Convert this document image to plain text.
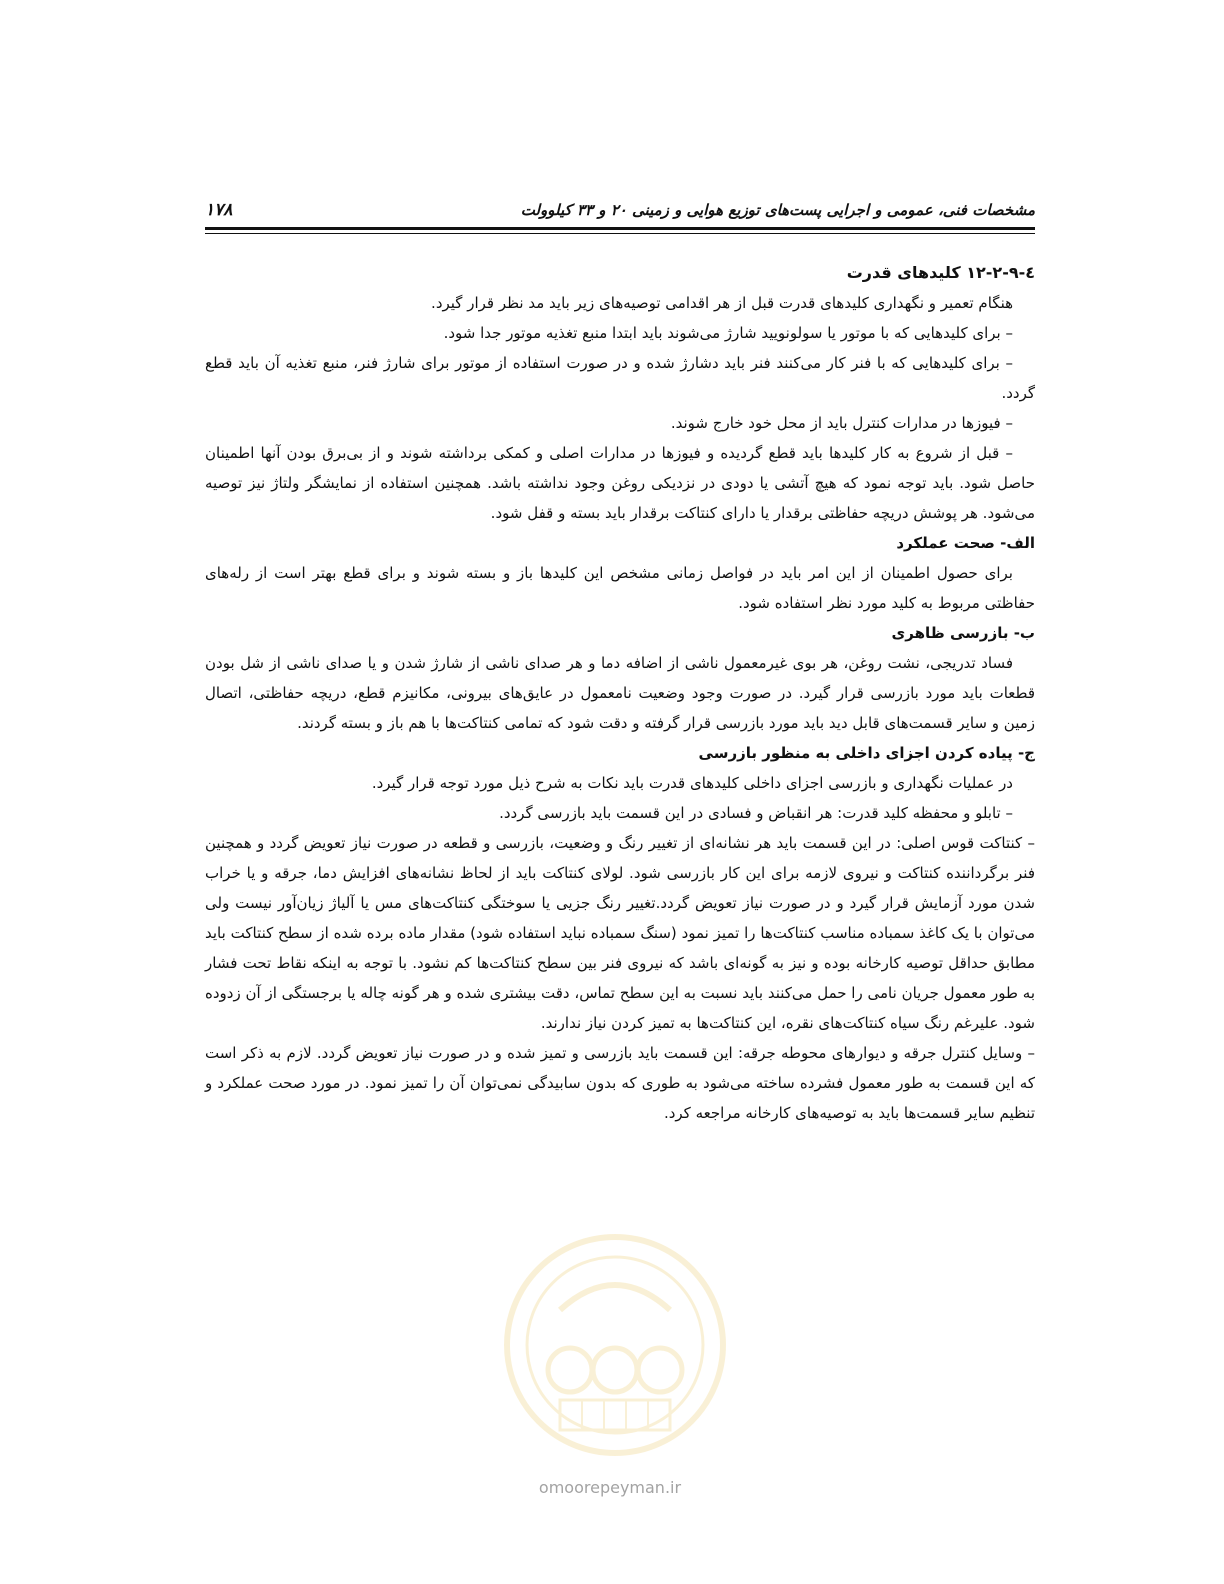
مشخصات فنی، عمومی و اجرایی پست‌های توزیع هوایی و زمینی ۲۰ و ۳۳ کیلوولت
۱۷۸
٤-٩-٢-١٢ کلیدهای قدرت

هنگام تعمیر و نگهداری کلیدهای قدرت قبل از هر اقدامی توصیه‌های زیر باید مد نظر قرار گیرد.

– برای کلیدهایی که با موتور یا سولونویید شارژ می‌شوند باید ابتدا منبع تغذیه موتور جدا شود.

– برای کلیدهایی که با فنر کار می‌کنند فنر باید دشارژ شده و در صورت استفاده از موتور برای شارژ فنر، منبع تغذیه آن باید قطع گردد.

– فیوزها در مدارات کنترل باید از محل خود خارج شوند.

– قبل از شروع به کار کلیدها باید قطع گردیده و فیوزها در مدارات اصلی و کمکی برداشته شوند و از بی‌برق بودن آنها اطمینان حاصل شود. باید توجه نمود که هیچ آتشی یا دودی در نزدیکی روغن وجود نداشته باشد. همچنین استفاده از نمایشگر ولتاژ نیز توصیه می‌شود. هر پوشش دریچه حفاظتی برقدار یا دارای کنتاکت برقدار باید بسته و قفل شود.

الف- صحت عملکرد

برای حصول اطمینان از این امر باید در فواصل زمانی مشخص این کلیدها باز و بسته شوند و برای قطع بهتر است از رله‌های حفاظتی مربوط به کلید مورد نظر استفاده شود.

ب- بازرسی ظاهری

فساد تدریجی، نشت روغن، هر بوی غیرمعمول ناشی از اضافه دما و هر صدای ناشی از شارژ شدن و یا صدای ناشی از شل بودن قطعات باید مورد بازرسی قرار گیرد. در صورت وجود وضعیت نامعمول در عایق‌های بیرونی، مکانیزم قطع، دریچه حفاظتی، اتصال زمین و سایر قسمت‌های قابل دید باید مورد بازرسی قرار گرفته و دقت شود که تمامی کنتاکت‌ها با هم باز و بسته گردند.

ج- پیاده کردن اجزای داخلی به منظور بازرسی

در عملیات نگهداری و بازرسی اجزای داخلی کلیدهای قدرت باید نکات به شرح ذیل مورد توجه قرار گیرد.

– تابلو و محفظه کلید قدرت: هر انقباض و فسادی در این قسمت باید بازرسی گردد.

– کنتاکت قوس اصلی: در این قسمت باید هر نشانه‌ای از تغییر رنگ و وضعیت، بازرسی و قطعه در صورت نیاز تعویض گردد و همچنین فنر برگرداننده کنتاکت و نیروی لازمه برای این کار بازرسی شود. لولای کنتاکت باید از لحاظ نشانه‌های افزایش دما، جرقه و یا خراب شدن مورد آزمایش قرار گیرد و در صورت نیاز تعویض گردد.تغییر رنگ جزیی یا سوختگی کنتاکت‌های مس یا آلیاژ زیان‌آور نیست ولی می‌توان با یک کاغذ سمباده مناسب کنتاکت‌ها را تمیز نمود (سنگ سمباده نباید استفاده شود) مقدار ماده برده شده از سطح کنتاکت باید مطابق حداقل توصیه کارخانه بوده و نیز به گونه‌ای باشد که نیروی فنر بین سطح کنتاکت‌ها کم نشود. با توجه به اینکه نقاط تحت فشار به طور معمول جریان نامی را حمل می‌کنند باید نسبت به این سطح تماس، دقت بیشتری شده و هر گونه چاله یا برجستگی از آن زدوده شود. علیرغم رنگ سیاه کنتاکت‌های نقره، این کنتاکت‌ها به تمیز کردن نیاز ندارند.

– وسایل کنترل جرقه و دیوارهای محوطه جرقه: این قسمت باید بازرسی و تمیز شده و در صورت نیاز تعویض گردد. لازم به ذکر است که این قسمت به طور معمول فشرده ساخته می‌شود به طوری که بدون سابیدگی نمی‌توان آن را تمیز نمود. در مورد صحت عملکرد و تنظیم سایر قسمت‌ها باید به توصیه‌های کارخانه مراجعه کرد.

omoorepeyman.ir
